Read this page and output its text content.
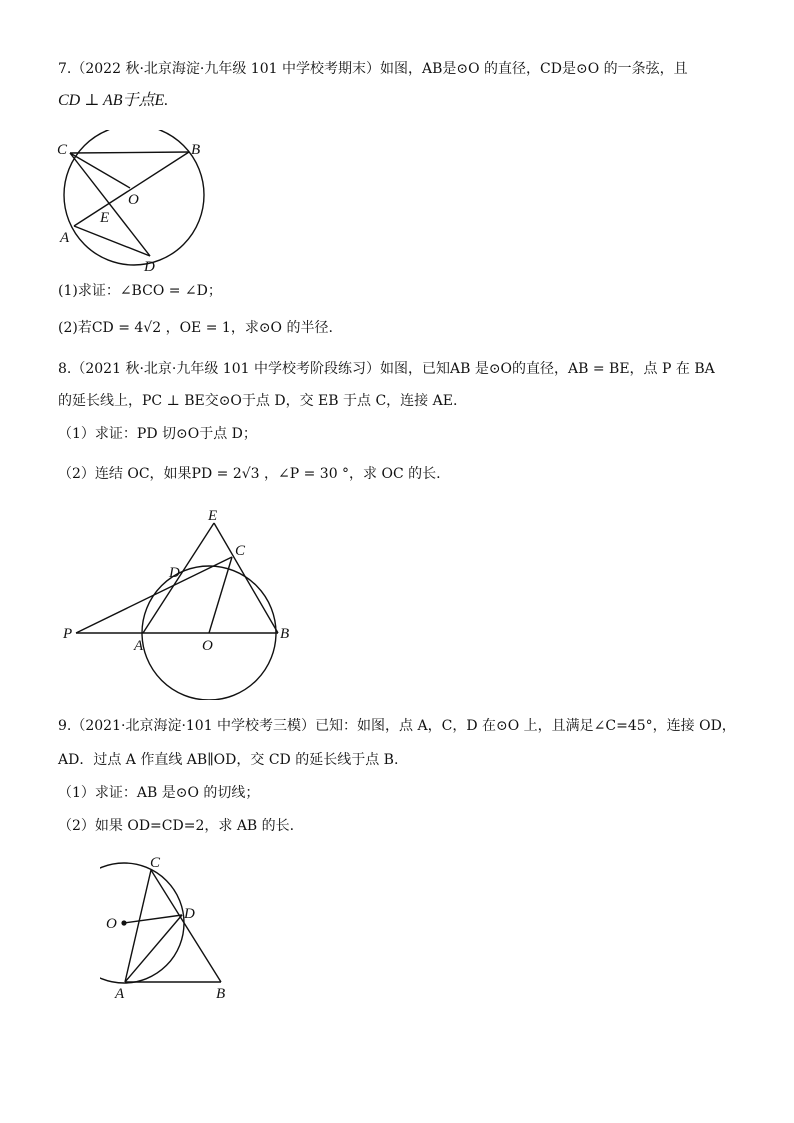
7.（2022 秋·北京海淀·九年级 101 中学校考期末）如图，AB是⊙O 的直径，CD是⊙O 的一条弦，且
CD ⊥ AB于点E.
C	B
O
E
A
D
(1)求证：∠BCO = ∠D；
(2)若CD = 4√2 ，OE = 1，求⊙O 的半径.
8.（2021 秋·北京·九年级 101 中学校考阶段练习）如图，已知AB 是⊙O的直径，AB = BE，点 P 在 BA
的延长线上，PC ⊥ BE交⊙O于点 D，交 EB 于点 C，连接 AE.
（1）求证：PD 切⊙O于点 D；
（2）连结 OC，如果PD = 2√3 ，∠P = 30 °，求 OC 的长.
E
C
D
P
A	O
B
9.（2021·北京海淀·101 中学校考三模）已知：如图，点 A，C，D 在⊙O 上，且满足∠C=45°，连接 OD，
AD．过点 A 作直线 AB∥OD，交 CD 的延长线于点 B.
（1）求证：AB 是⊙O 的切线；
（2）如果 OD=CD=2，求 AB 的长.
C
O
D
A	B
